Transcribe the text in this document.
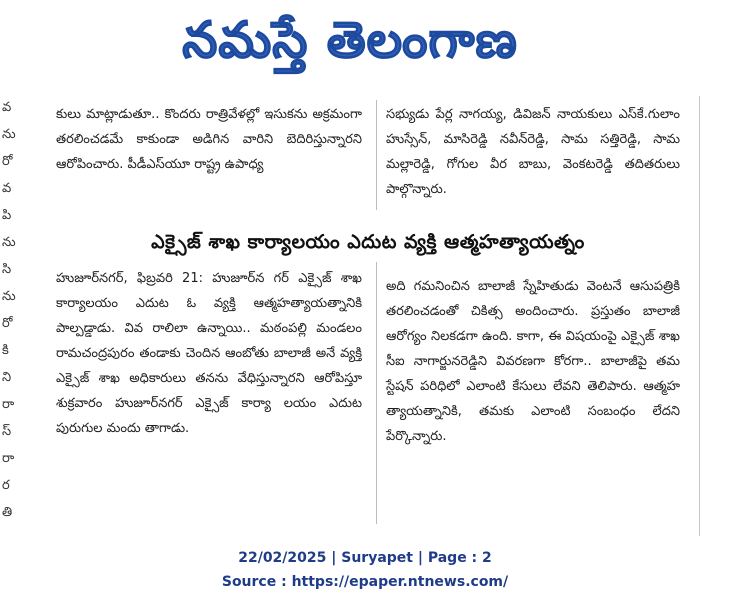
నమస్తే తెలంగాణ
వ
ను
రో
వ
పి
ను
సి
ను
రో
కి
ని
రా
స్
రా
ర
తి

కులు మాట్లాడుతూ.. కొందరు రాత్రివేళల్లో ఇసుకను అక్రమంగా తరలించడమే కాకుండా అడిగిన వారిని బెదిరిస్తున్నారని ఆరోపించారు. పీడీఎస్‌యూ రాష్ట్ర ఉపాధ్య

సభ్యుడు పేర్ల నాగయ్య, డివిజన్ నాయకులు ఎస్‌కే.గులాం హుస్సేన్, మాసిరెడ్డి నవీన్‌రెడ్డి, సామ సత్తిరెడ్డి, సామ మల్లారెడ్డి, గోగుల వీర బాబు, వెంకటరెడ్డి తదితరులు పాల్గొన్నారు.

ఎక్సైజ్ శాఖ కార్యాలయం ఎదుట వ్యక్తి ఆత్మహత్యాయత్నం

హుజూర్‌నగర్, ఫిబ్రవరి 21: హుజూర్‌న గర్ ఎక్సైజ్ శాఖ కార్యాలయం ఎదుట ఓ వ్యక్తి ఆత్మహత్యాయత్నానికి పాల్పడ్డాడు. వివ రాలిలా ఉన్నాయి.. మఠంపల్లి మండలం రామచంద్రపురం తండాకు చెందిన ఆంబోతు బాలాజీ అనే వ్యక్తి ఎక్సైజ్ శాఖ అధికారులు తనను వేధిస్తున్నారని ఆరోపిస్తూ శుక్రవారం హుజూర్‌నగర్ ఎక్సైజ్ కార్యా లయం ఎదుట పురుగుల మందు తాగాడు.

అది గమనించిన బాలాజీ స్నేహితుడు వెంటనే ఆసుపత్రికి తరలించడంతో చికిత్స అందించారు. ప్రస్తుతం బాలాజీ ఆరోగ్యం నిలకడగా ఉంది. కాగా, ఈ విషయంపై ఎక్సైజ్ శాఖ సీఐ నాగార్జునరెడ్డిని వివరణగా కోరగా.. బాలాజీపై తమ స్టేషన్ పరిధిలో ఎలాంటి కేసులు లేవని తెలిపారు. ఆత్మహ త్యాయత్నానికి, తమకు ఎలాంటి సంబంధం లేదని పేర్కొన్నారు.

22/02/2025 | Suryapet | Page : 2
Source : https://epaper.ntnews.com/
